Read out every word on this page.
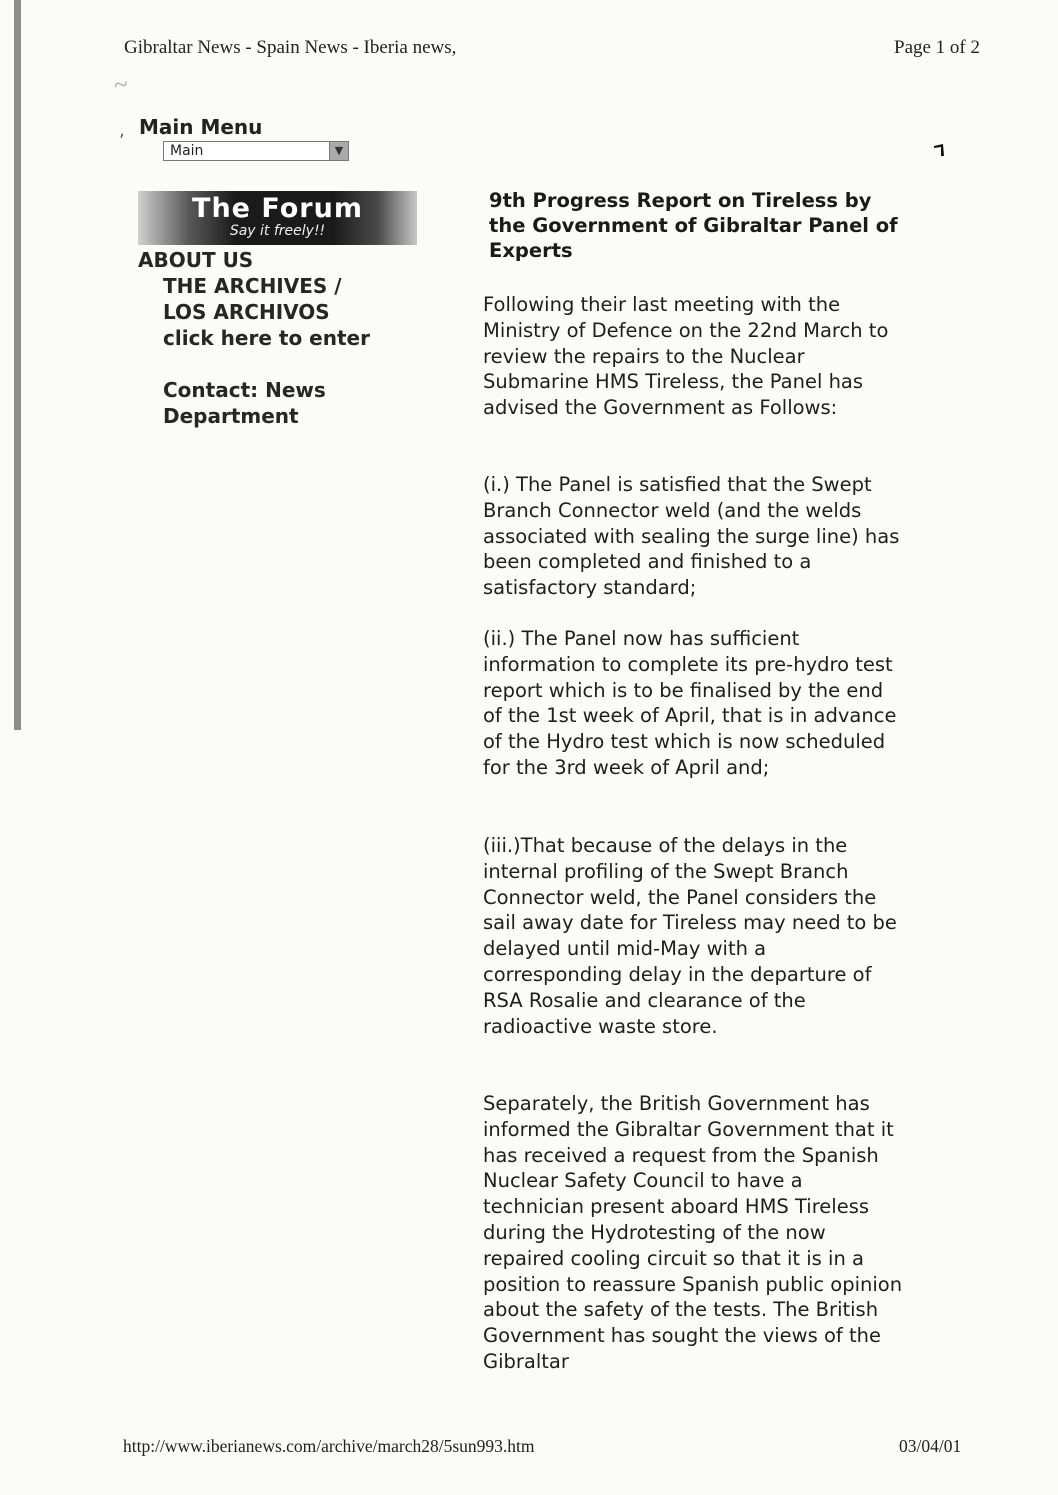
Gibraltar News - Spain News - Iberia news,	Page 1 of 2
~
, Main Menu
Main	▼
The Forum
Say it freely!!
ABOUT US
THE ARCHIVES /
LOS ARCHIVOS
click here to enter
Contact: News
Department
9th Progress Report on Tireless by the Government of Gibraltar Panel of Experts

Following their last meeting with the Ministry of Defence on the 22nd March to review the repairs to the Nuclear Submarine HMS Tireless, the Panel has advised the Government as Follows:

(i.) The Panel is satisfied that the Swept Branch Connector weld (and the welds associated with sealing the surge line) has been completed and finished to a satisfactory standard;

(ii.) The Panel now has sufficient information to complete its pre-hydro test report which is to be finalised by the end of the 1st week of April, that is in advance of the Hydro test which is now scheduled for the 3rd week of April and;

(iii.)That because of the delays in the internal profiling of the Swept Branch Connector weld, the Panel considers the sail away date for Tireless may need to be delayed until mid-May with a corresponding delay in the departure of RSA Rosalie and clearance of the radioactive waste store.

Separately, the British Government has informed the Gibraltar Government that it has received a request from the Spanish Nuclear Safety Council to have a technician present aboard HMS Tireless during the Hydrotesting of the now repaired cooling circuit so that it is in a position to reassure Spanish public opinion about the safety of the tests. The British Government has sought the views of the Gibraltar

http://www.iberianews.com/archive/march28/5sun993.htm	03/04/01
